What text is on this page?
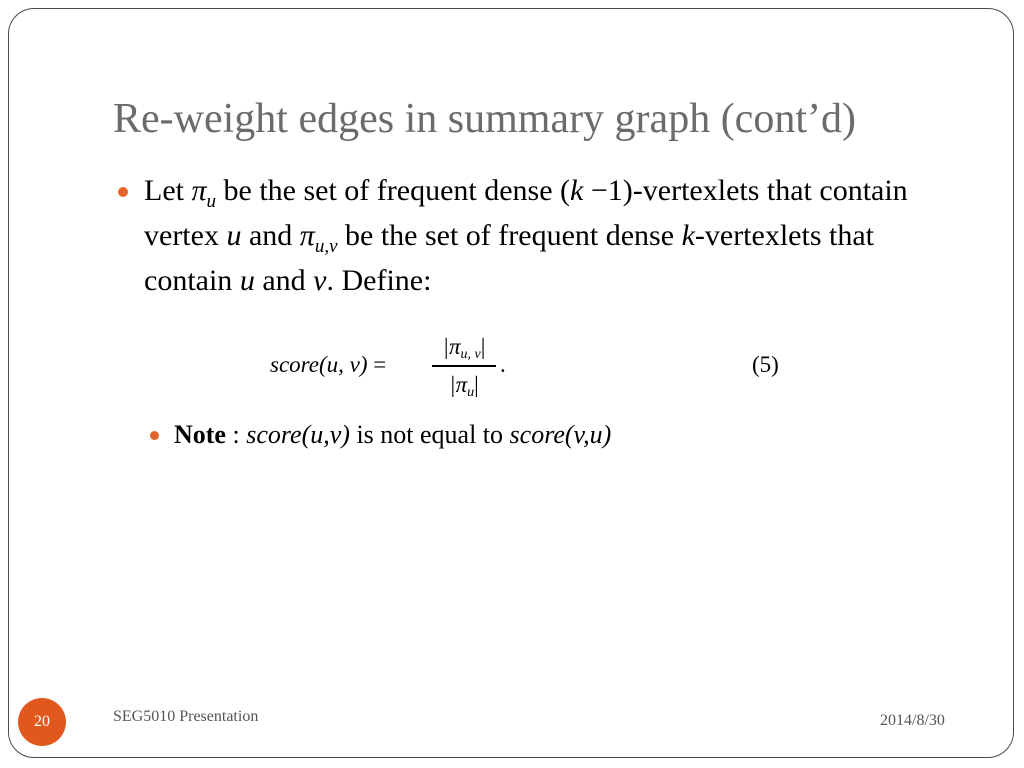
Re-weight edges in summary graph (cont’d)
Let $\pi_u$ be the set of frequent dense (k −1)-vertexlets that contain vertex u and $\pi_{u,v}$ be the set of frequent dense k-vertexlets that contain u and v. Define:
score(u, v) =
$|\pi_{u, v}|$
$|\pi_u|$
.	(5)
Note : score(u,v) is not equal to score(v,u)
20	SEG5010 Presentation	2014/8/30
